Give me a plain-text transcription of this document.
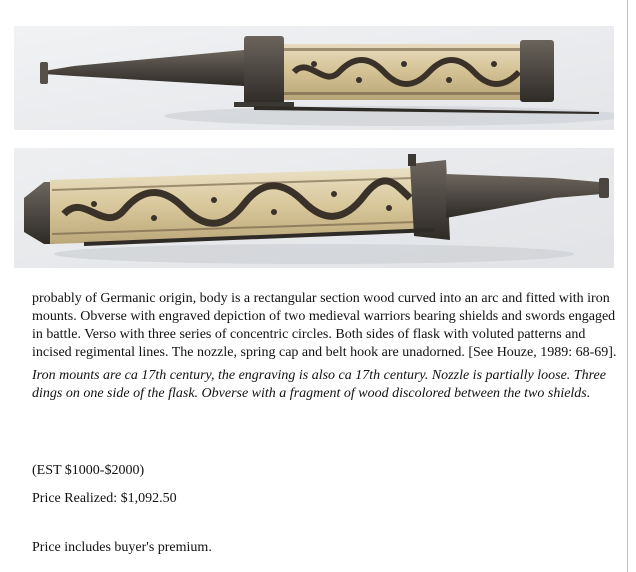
probably of Germanic origin, body is a rectangular section wood curved into an arc and fitted with iron mounts. Obverse with engraved depiction of two medieval warriors bearing shields and swords engaged in battle. Verso with three series of concentric circles. Both sides of flask with voluted patterns and incised regimental lines. The nozzle, spring cap and belt hook are unadorned. [See Houze, 1989: 68-69].

Iron mounts are ca 17th century, the engraving is also ca 17th century. Nozzle is partially loose. Three dings on one side of the flask. Obverse with a fragment of wood discolored between the two shields.

(EST $1000-$2000)

Price Realized: $1,092.50

Price includes buyer's premium.
